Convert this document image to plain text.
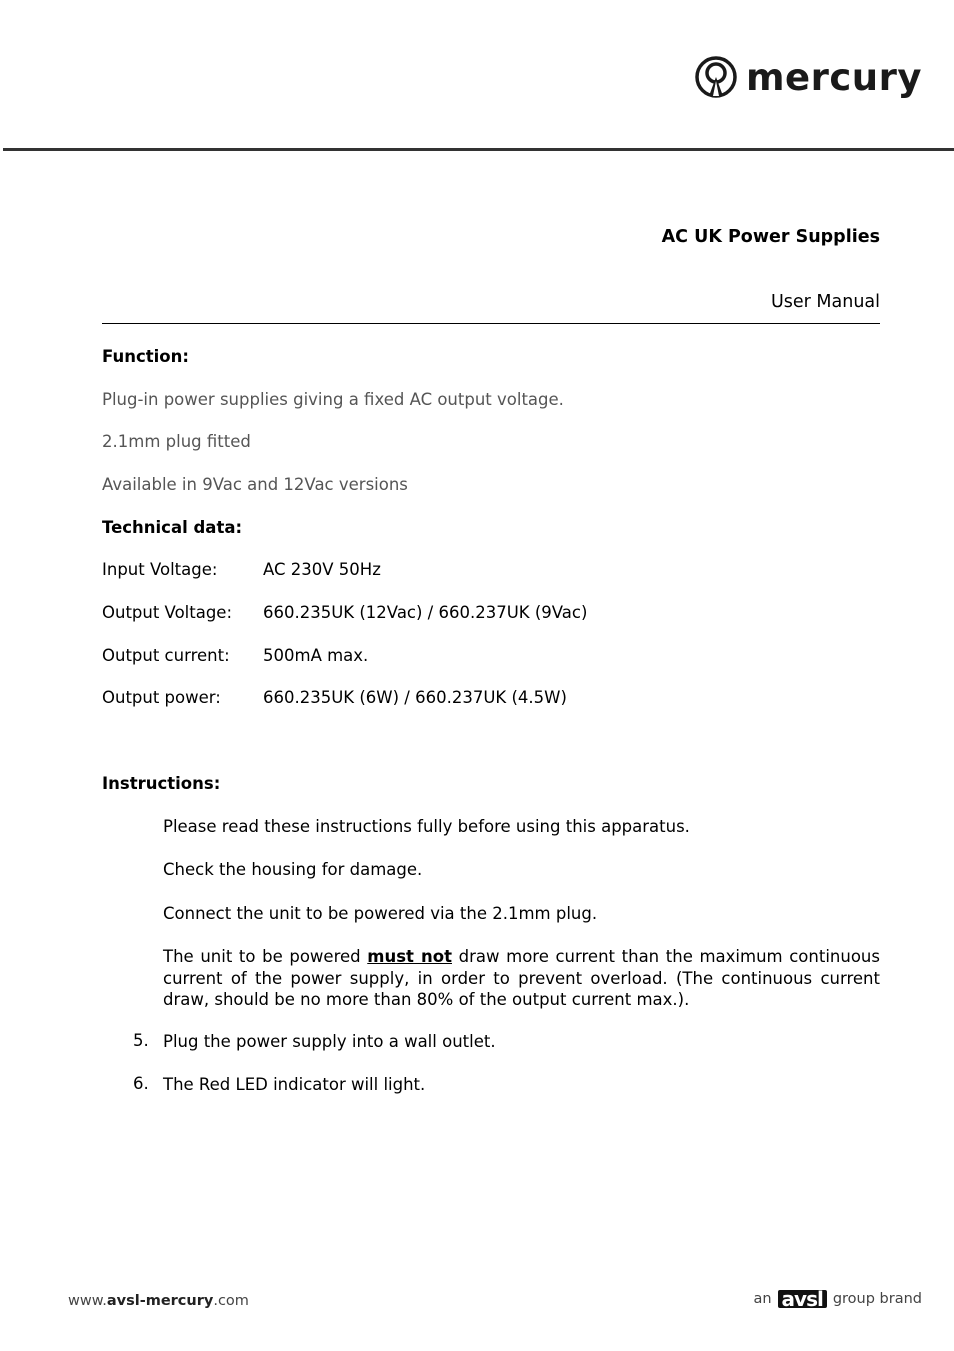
mercury
AC UK Power Supplies
User Manual
Function:
Plug-in power supplies giving a fixed AC output voltage.
2.1mm plug fitted
Available in 9Vac and 12Vac versions
Technical data:
Input Voltage:	AC 230V 50Hz
Output Voltage: 660.235UK (12Vac) / 660.237UK (9Vac)
Output current: 500mA max.
Output power:	660.235UK (6W) / 660.237UK (4.5W)
Instructions:
Please read these instructions fully before using this apparatus.
Check the housing for damage.
Connect the unit to be powered via the 2.1mm plug.
The unit to be powered must not draw more current than the maximum continuous current of the power supply, in order to prevent overload. (The continuous current draw, should be no more than 80% of the output current max.).
5. Plug the power supply into a wall outlet.
6. The Red LED indicator will light.
www.avsl-mercury.com	an avsl group brand
